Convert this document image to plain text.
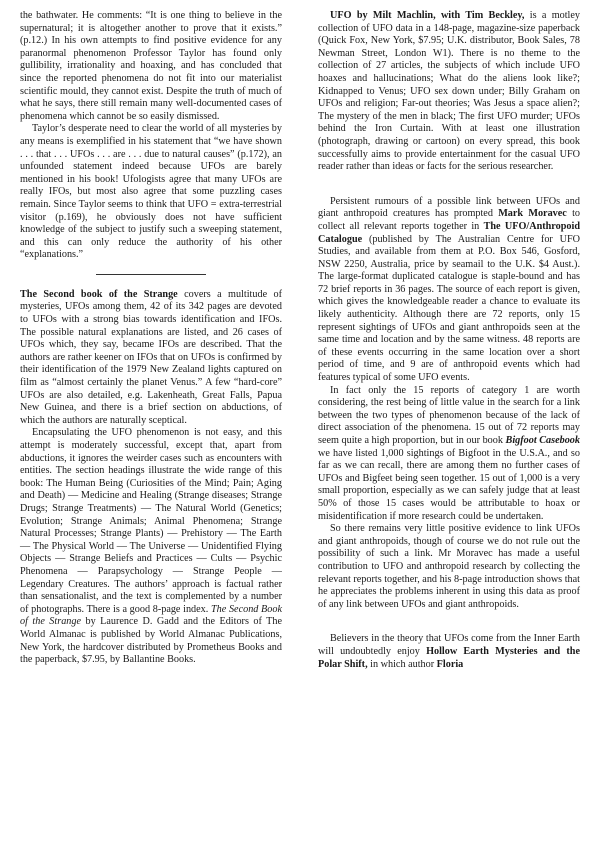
the bathwater. He comments: “It is one thing to believe in the supernatural; it is altogether another to prove that it exists.” (p.12.) In his own attempts to find positive evidence for any paranormal phenomenon Professor Taylor has found only gullibility, irrationality and hoaxing, and has concluded that since the reported phenomena do not fit into our materialist scientific mould, they cannot exist. Despite the truth of much of what he says, there still remain many well-documented cases of phenomena which cannot be so easily dismissed.

Taylor’s desperate need to clear the world of all mysteries by any means is exemplified in his statement that “we have shown . . . that . . . UFOs . . . are . . . due to natural causes” (p.172), an unfounded statement indeed because UFOs are barely mentioned in his book! Ufologists agree that many UFOs are really IFOs, but most also agree that some puzzling cases remain. Since Taylor seems to think that UFO = extra-terrestrial visitor (p.169), he obviously does not have sufficient knowledge of the subject to justify such a sweeping statement, and this can only reduce the authority of his other “explanations.”

The Second book of the Strange covers a multitude of mysteries, UFOs among them, 42 of its 342 pages are devoted to UFOs with a strong bias towards identification and IFOs. The possible natural explanations are listed, and 26 cases of UFOs which, they say, became IFOs are described. That the authors are rather keener on IFOs that on UFOs is confirmed by their identification of the 1979 New Zealand lights captured on film as “almost certainly the planet Venus.” A few “hard-core” UFOs are also detailed, e.g. Lakenheath, Great Falls, Papua New Guinea, and there is a brief section on abductions, of which the authors are naturally sceptical.

Encapsulating the UFO phenomenon is not easy, and this attempt is moderately successful, except that, apart from abductions, it ignores the weirder cases such as encounters with entities. The section headings illustrate the wide range of this book: The Human Being (Curiosities of the Mind; Pain; Aging and Death) — Medicine and Healing (Strange diseases; Strange Drugs; Strange Treatments) — The Natural World (Genetics; Evolution; Strange Animals; Animal Phenomena; Strange Natural Processes; Strange Plants) — Prehistory — The Earth — The Physical World — The Universe — Unidentified Flying Objects — Strange Beliefs and Practices — Cults — Psychic Phenomena — Parapsychology — Strange People — Legendary Creatures. The authors’ approach is factual rather than sensationalist, and the text is complemented by a number of photographs. There is a good 8-page index. The Second Book of the Strange by Laurence D. Gadd and the Editors of The World Almanac is published by World Almanac Publications, New York, the hardcover distributed by Prometheus Books and the paperback, $7.95, by Ballantine Books.

UFO by Milt Machlin, with Tim Beckley, is a motley collection of UFO data in a 148-page, magazine-size paperback (Quick Fox, New York, $7.95; U.K. distributor, Book Sales, 78 Newman Street, London W1). There is no theme to the collection of 27 articles, the subjects of which include UFO hoaxes and hallucinations; What do the aliens look like?; Kidnapped to Venus; UFO sex down under; Billy Graham on UFOs and religion; Far-out theories; Was Jesus a space alien?; The mystery of the men in black; The first UFO murder; UFOs behind the Iron Curtain. With at least one illustration (photograph, drawing or cartoon) on every spread, this book successfully aims to provide entertainment for the casual UFO reader rather than ideas or facts for the serious researcher.

Persistent rumours of a possible link between UFOs and giant anthropoid creatures has prompted Mark Moravec to collect all relevant reports together in The UFO/Anthropoid Catalogue (published by The Australian Centre for UFO Studies, and available from them at P.O. Box 546, Gosford, NSW 2250, Australia, price by seamail to the U.K. $4 Aust.). The large-format duplicated catalogue is staple-bound and has 72 brief reports in 36 pages. The source of each report is given, which gives the knowledgeable reader a chance to evaluate its likely authenticity. Although there are 72 reports, only 15 represent sightings of UFOs and giant anthropoids seen at the same time and location and by the same witness. 48 reports are of these events occurring in the same location over a short period of time, and 9 are of anthropoid events which had features typical of some UFO events.

In fact only the 15 reports of category 1 are worth considering, the rest being of little value in the search for a link between the two types of phenomenon because of the lack of direct association of the phenomena. 15 out of 72 reports may seem quite a high proportion, but in our book Bigfoot Casebook we have listed 1,000 sightings of Bigfoot in the U.S.A., and so far as we can recall, there are among them no further cases of UFOs and Bigfeet being seen together. 15 out of 1,000 is a very small proportion, especially as we can safely judge that at least 50% of those 15 cases would be attributable to hoax or misidentification if more research could be undertaken.

So there remains very little positive evidence to link UFOs and giant anthropoids, though of course we do not rule out the possibility of such a link. Mr Moravec has made a useful contribution to UFO and anthropoid research by collecting the relevant reports together, and his 8-page introduction shows that he appreciates the problems inherent in using this data as proof of any link between UFOs and giant anthropoids.

Believers in the theory that UFOs come from the Inner Earth will undoubtedly enjoy Hollow Earth Mysteries and the Polar Shift, in which author Floria
